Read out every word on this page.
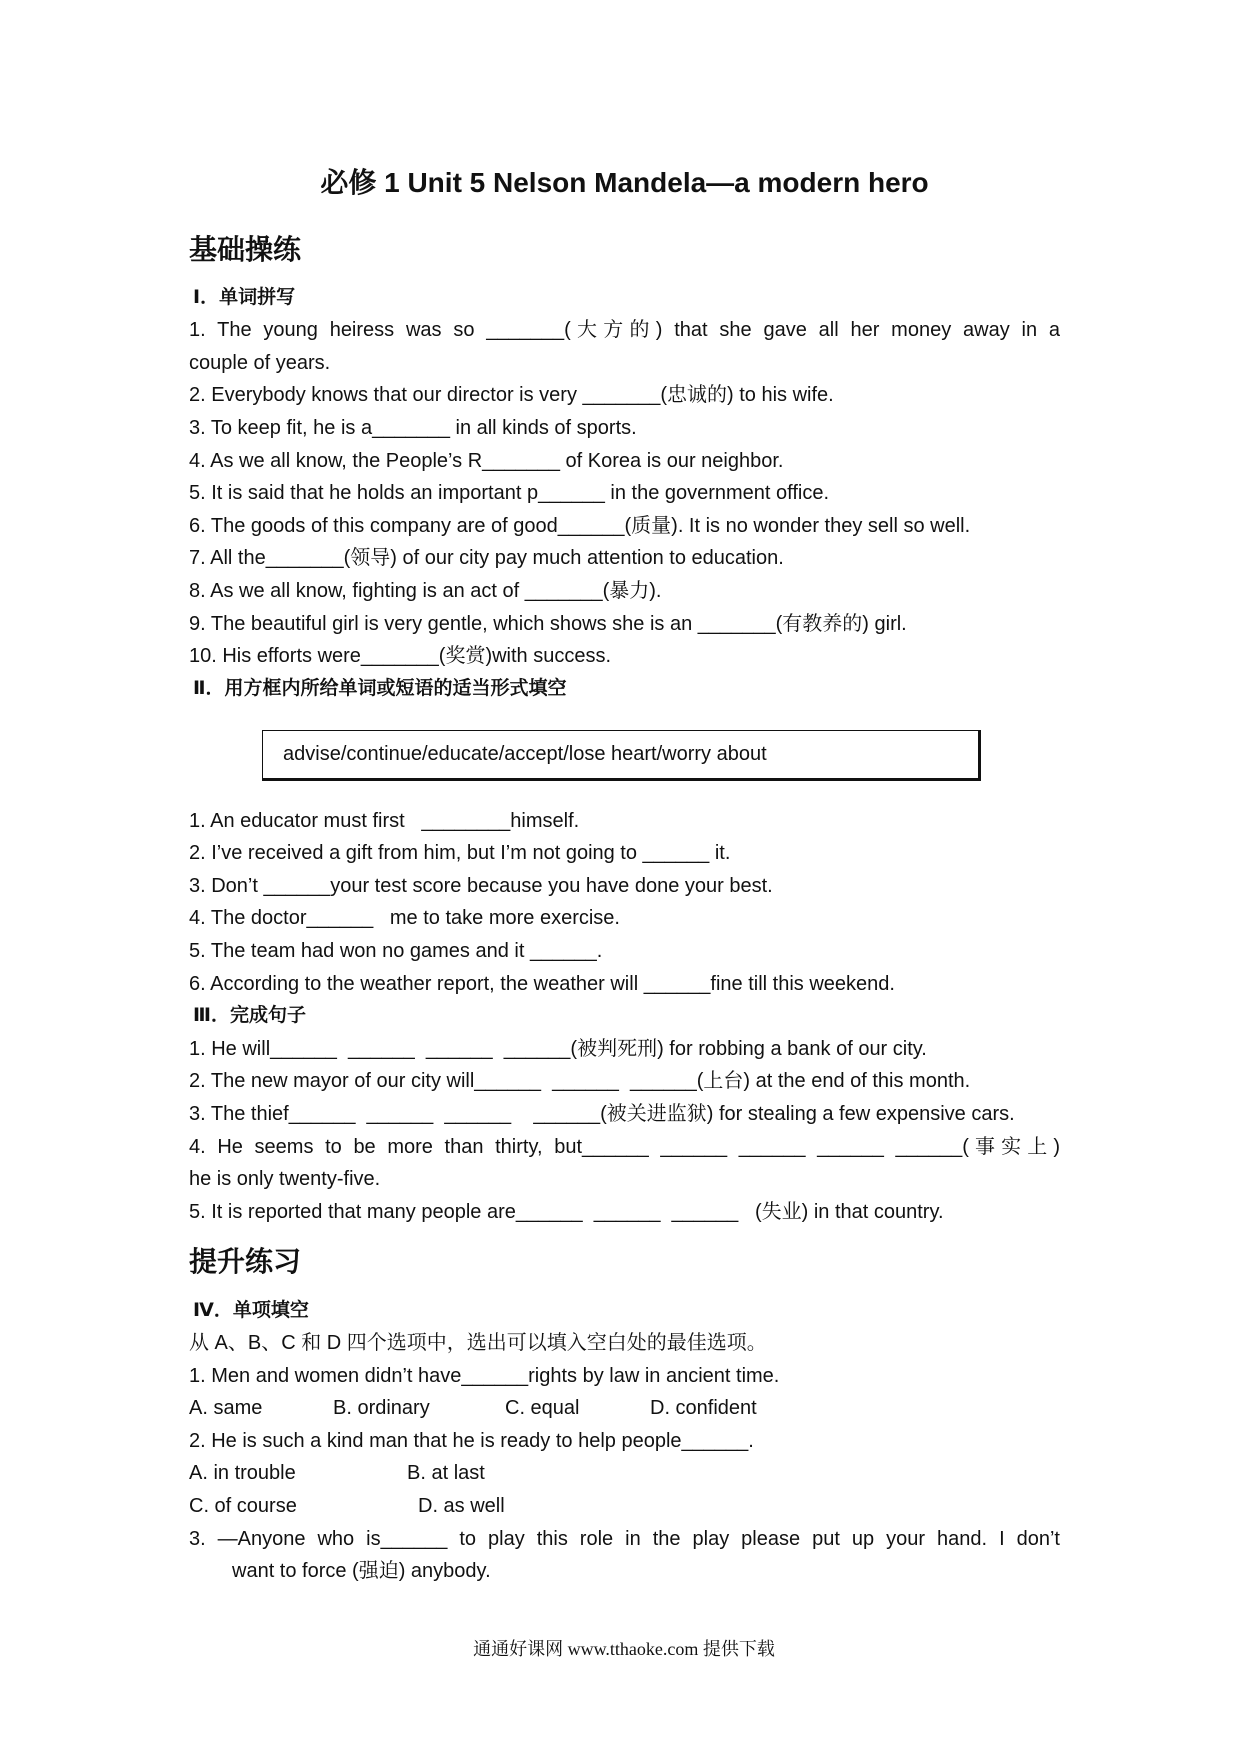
必修 1 Unit 5 Nelson Mandela—a modern hero
基础操练
Ⅰ．单词拼写
1. The young heiress was so _______(大方的) that she gave all her money away in a
couple of years.
2. Everybody knows that our director is very _______(忠诚的) to his wife.
3. To keep fit, he is a_______ in all kinds of sports.
4. As we all know, the People’s R_______ of Korea is our neighbor.
5. It is said that he holds an important p______ in the government office.
6. The goods of this company are of good______(质量). It is no wonder they sell so well.
7. All the_______(领导) of our city pay much attention to education.
8. As we all know, fighting is an act of _______(暴力).
9. The beautiful girl is very gentle, which shows she is an _______(有教养的) girl.
10. His efforts were_______(奖赏)with success.
Ⅱ．用方框内所给单词或短语的适当形式填空
advise/continue/educate/accept/lose heart/worry about
1. An educator must first   ________himself.
2. I’ve received a gift from him, but I’m not going to ______ it.
3. Don’t ______your test score because you have done your best.
4. The doctor______   me to take more exercise.
5. The team had won no games and it ______.
6. According to the weather report, the weather will ______fine till this weekend.
Ⅲ．完成句子
1. He will______  ______  ______  ______(被判死刑) for robbing a bank of our city.
2. The new mayor of our city will______  ______  ______(上台) at the end of this month.
3. The thief______  ______  ______    ______(被关进监狱) for stealing a few expensive cars.
4. He seems to be more than thirty, but______ ______ ______ ______ ______(事实上)
he is only twenty-five.
5. It is reported that many people are______  ______  ______   (失业) in that country.
提升练习
Ⅳ．单项填空
从 A、B、C 和 D 四个选项中，选出可以填入空白处的最佳选项。
1. Men and women didn’t have______rights by law in ancient time.

A. same

	B. ordinary

	C. equal

	D. confident

2. He is such a kind man that he is ready to help people______.

A. in trouble

	B. at last

C. of course

	D. as well

3. —Anyone who is______ to play this role in the play please put up your hand. I don’t
want to force (强迫) anybody.
通通好课网 www.tthaoke.com 提供下载
